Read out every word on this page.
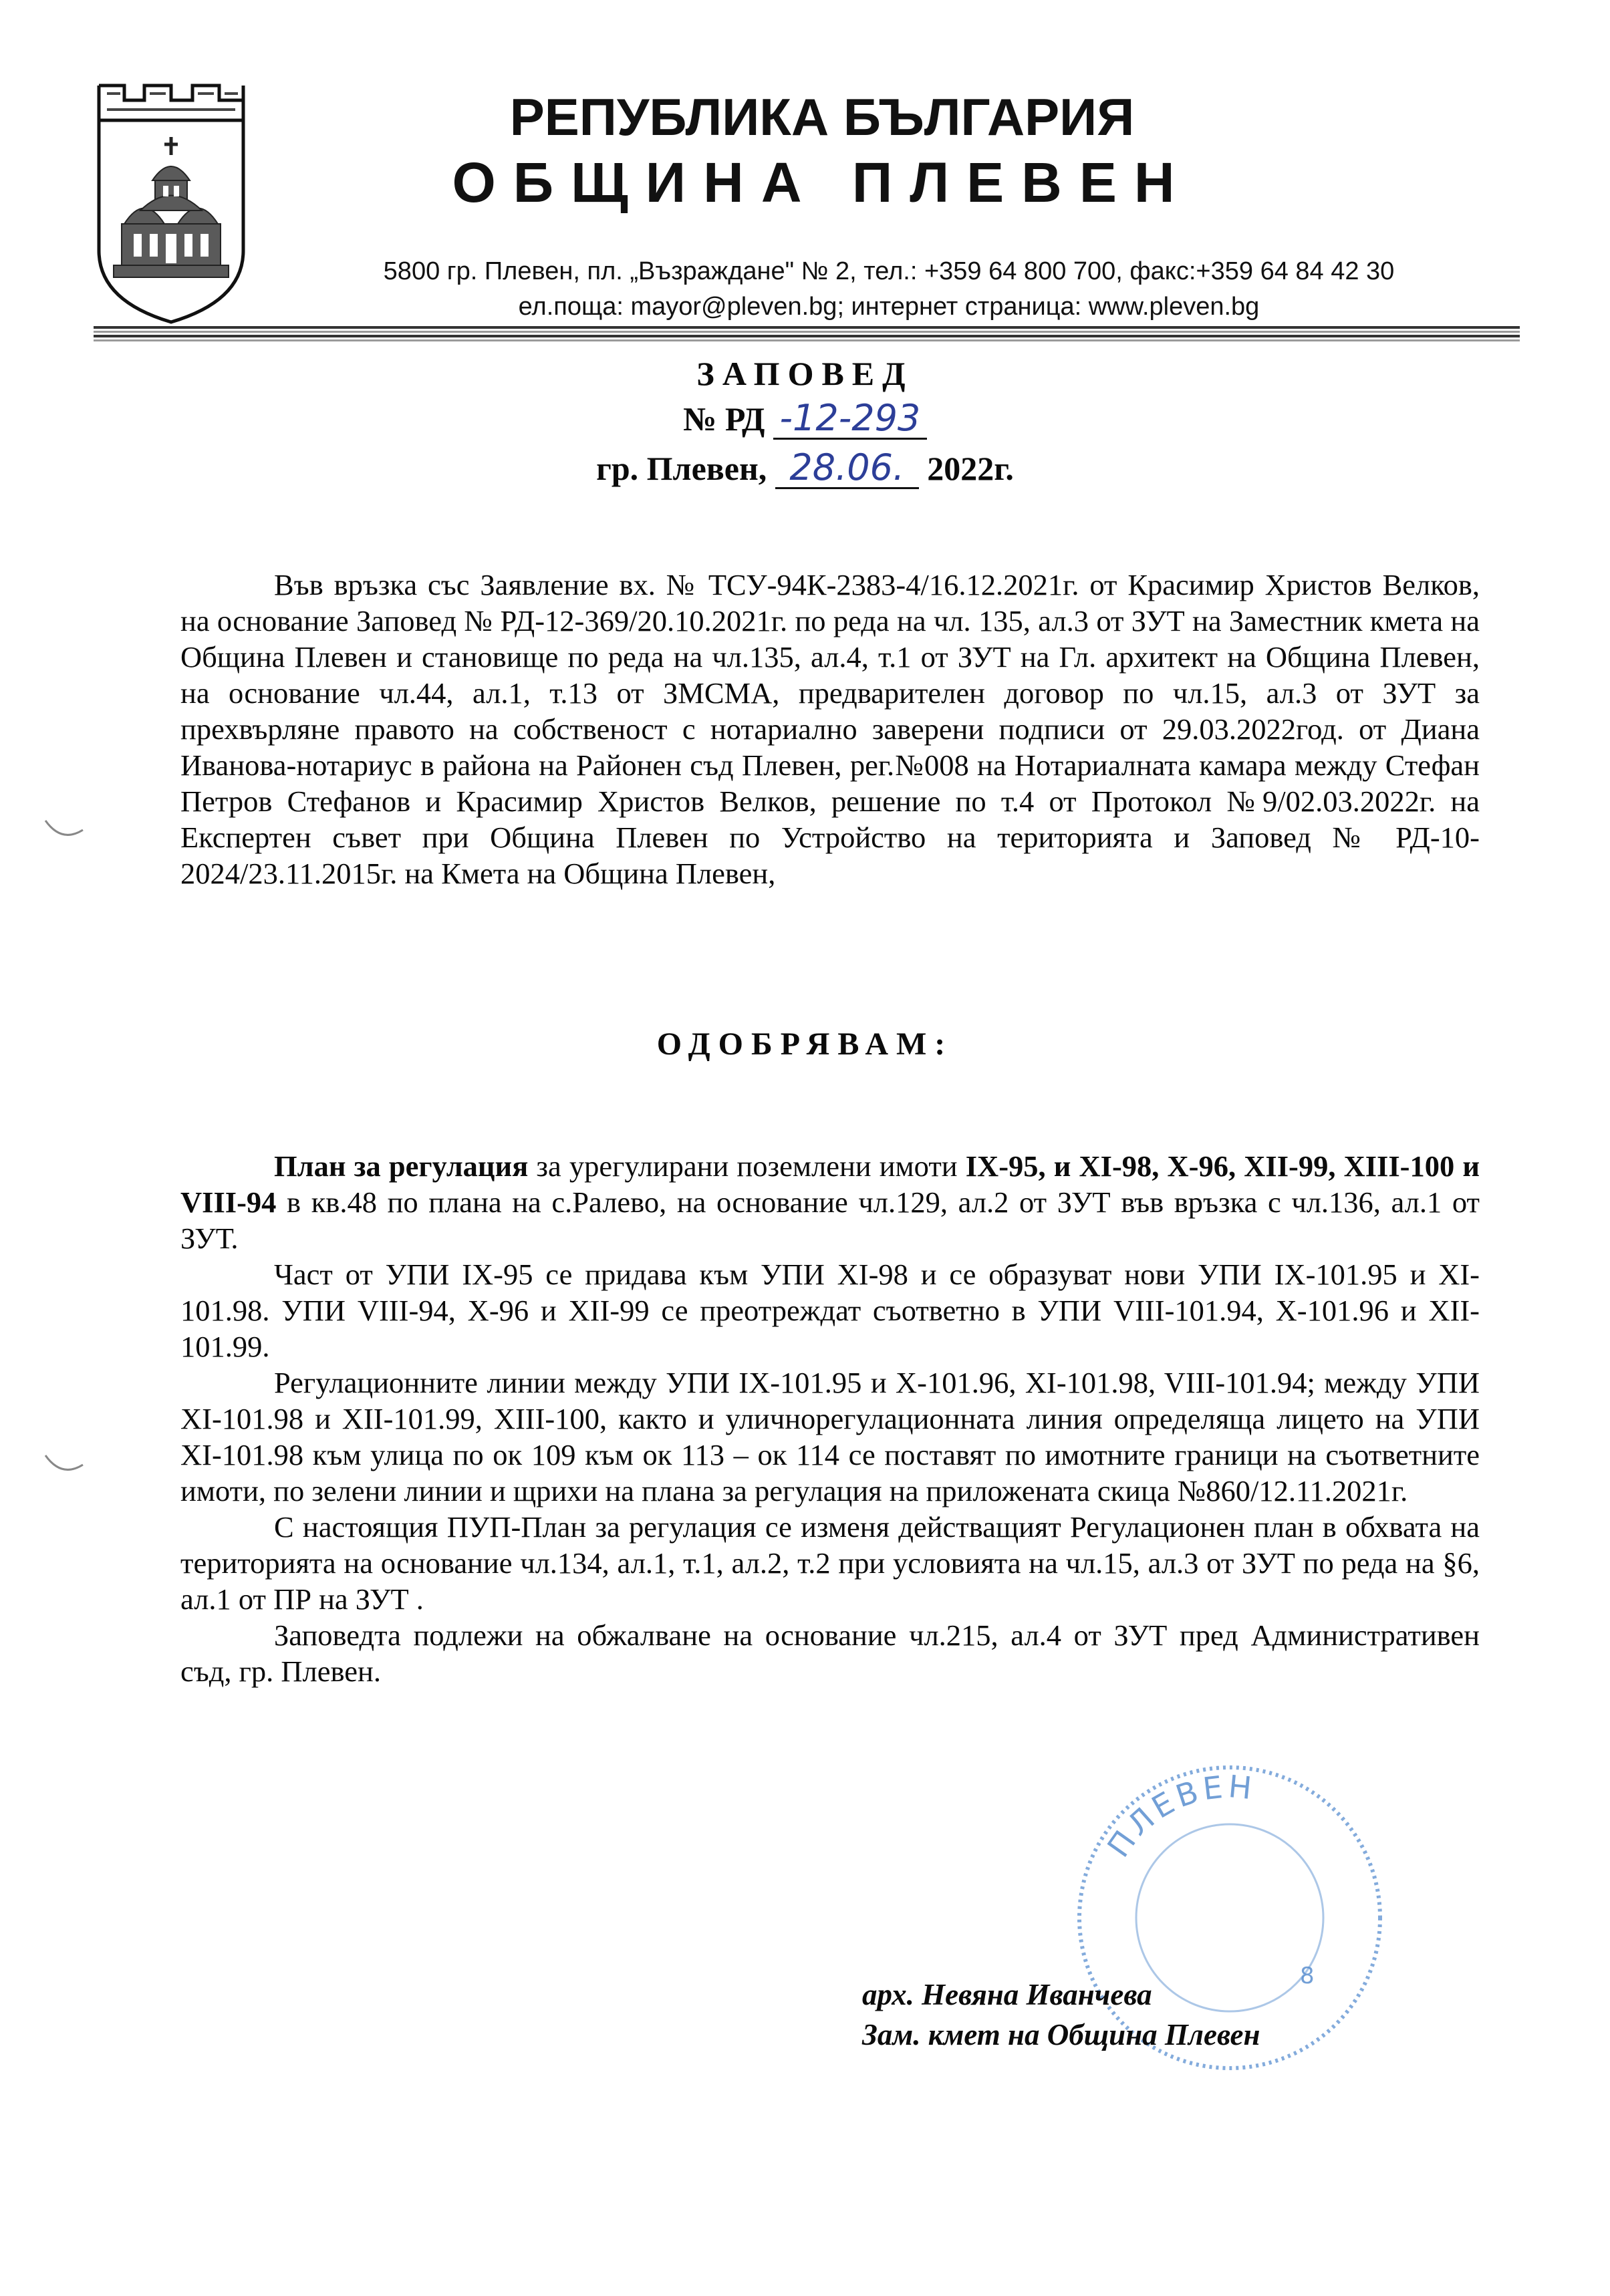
РЕПУБЛИКА БЪЛГАРИЯ
ОБЩИНА ПЛЕВЕН
5800 гр. Плевен, пл. „Възраждане" № 2, тел.: +359 64 800 700, факс:+359 64 84 42 30
ел.поща: mayor@pleven.bg; интернет страница: www.pleven.bg
ЗАПОВЕД
№ РД -12-293
гр. Плевен, 28.06. 2022г.

Във връзка със Заявление вх. № ТСУ-94К-2383-4/16.12.2021г. от Красимир Христов Велков, на основание Заповед № РД-12-369/20.10.2021г. по реда на чл. 135, ал.3 от ЗУТ на Заместник кмета на Община Плевен и становище по реда на чл.135, ал.4, т.1 от ЗУТ на Гл. архитект на Община Плевен, на основание чл.44, ал.1, т.13 от ЗМСМА, предварителен договор по чл.15, ал.3 от ЗУТ за прехвърляне правото на собственост с нотариално заверени подписи от 29.03.2022год. от Диана Иванова-нотариус в района на Районен съд Плевен, рег.№008 на Нотариалната камара между Стефан Петров Стефанов и Красимир Христов Велков, решение по т.4 от Протокол №9/02.03.2022г. на Експертен съвет при Община Плевен по Устройство на територията и Заповед № РД-10-2024/23.11.2015г. на Кмета на Община Плевен,

ОДОБРЯВАМ:

План за регулация за урегулирани поземлени имоти IX-95, и XI-98, X-96, XII-99, XIII-100 и VIII-94 в кв.48 по плана на с.Ралево, на основание чл.129, ал.2 от ЗУТ във връзка с чл.136, ал.1 от ЗУТ.

Част от УПИ IX-95 се придава към УПИ XI-98 и се образуват нови УПИ IX-101.95 и XI-101.98. УПИ VIII-94, X-96 и XII-99 се преотреждат съответно в УПИ VIII-101.94, X-101.96 и XII-101.99.

Регулационните линии между УПИ IX-101.95 и X-101.96, XI-101.98, VIII-101.94; между УПИ XI-101.98 и XII-101.99, XIII-100, както и уличнорегулационната линия определяща лицето на УПИ XI-101.98 към улица по ок 109 към ок 113 – ок 114 се поставят по имотните граници на съответните имоти, по зелени линии и щрихи на плана за регулация на приложената скица №860/12.11.2021г.

С настоящия ПУП-План за регулация се изменя действащият Регулационен план в обхвата на територията на основание чл.134, ал.1, т.1, ал.2, т.2 при условията на чл.15, ал.3 от ЗУТ по реда на §6, ал.1 от ПР на ЗУТ .

Заповедта подлежи на обжалване на основание чл.215, ал.4 от ЗУТ пред Административен съд, гр. Плевен.

ПЛЕВЕН
8
арх. Невяна Иванчева
Зам. кмет на Община Плевен
